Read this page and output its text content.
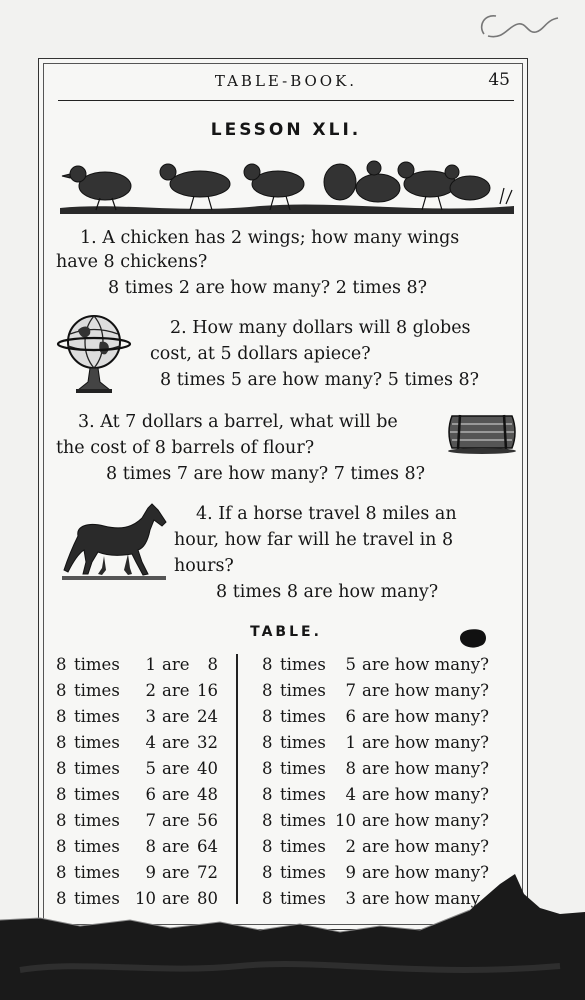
TABLE-BOOK.	45
LESSON XLI.
1. A chicken has 2 wings; how many wings
have 8 chickens?
8 times 2 are how many? 2 times 8?
2. How many dollars will 8 globes
cost, at 5 dollars apiece?
8 times 5 are how many? 5 times 8?
3. At 7 dollars a barrel, what will be
the cost of 8 barrels of flour?
8 times 7 are how many? 7 times 8?
4. If a horse travel 8 miles an
hour, how far will he travel in 8
hours?
8 times 8 are how many?
TABLE.
8 times 1 are 8
8 times 2 are 16
8 times 3 are 24
8 times 4 are 32
8 times 5 are 40
8 times 6 are 48
8 times 7 are 56
8 times 8 are 64
8 times 9 are 72
8 times 10 are 80
8 times 5 are how many?
8 times 7 are how many?
8 times 6 are how many?
8 times 1 are how many?
8 times 8 are how many?
8 times 4 are how many?
8 times 10 are how many?
8 times 2 are how many?
8 times 9 are how many?
8 times 3 are how many
